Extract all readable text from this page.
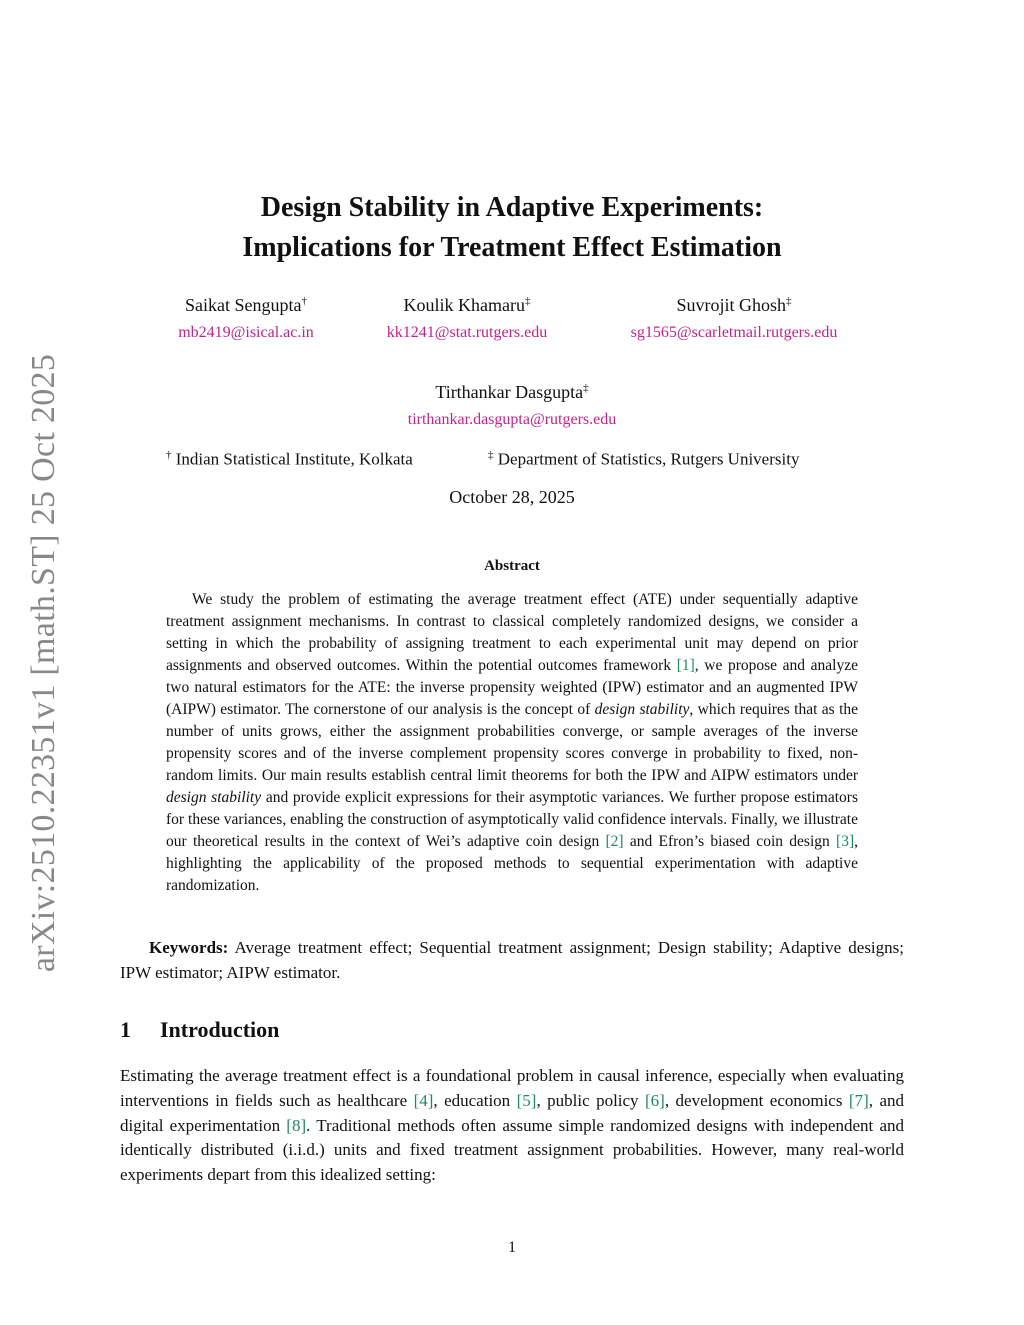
arXiv:2510.22351v1 [math.ST] 25 Oct 2025
Design Stability in Adaptive Experiments:
Implications for Treatment Effect Estimation
Saikat Sengupta†
mb2419@isical.ac.in
Koulik Khamaru‡
kk1241@stat.rutgers.edu
Suvrojit Ghosh‡
sg1565@scarletmail.rutgers.edu
Tirthankar Dasgupta‡
tirthankar.dasgupta@rutgers.edu
† Indian Statistical Institute, Kolkata	‡ Department of Statistics, Rutgers University
October 28, 2025
Abstract

We study the problem of estimating the average treatment effect (ATE) under sequentially adaptive treatment assignment mechanisms. In contrast to classical completely randomized designs, we consider a setting in which the probability of assigning treatment to each experimental unit may depend on prior assignments and observed outcomes. Within the potential outcomes framework [1], we propose and analyze two natural estimators for the ATE: the inverse propensity weighted (IPW) estimator and an augmented IPW (AIPW) estimator. The cornerstone of our analysis is the concept of design stability, which requires that as the number of units grows, either the assignment probabilities converge, or sample averages of the inverse propensity scores and of the inverse complement propensity scores converge in probability to fixed, non-random limits. Our main results establish central limit theorems for both the IPW and AIPW estimators under design stability and provide explicit expressions for their asymptotic variances. We further propose estimators for these variances, enabling the construction of asymptotically valid confidence intervals. Finally, we illustrate our theoretical results in the context of Wei’s adaptive coin design [2] and Efron’s biased coin design [3], highlighting the applicability of the proposed methods to sequential experimentation with adaptive randomization.

Keywords: Average treatment effect; Sequential treatment assignment; Design stability; Adaptive designs; IPW estimator; AIPW estimator.

1 Introduction

Estimating the average treatment effect is a foundational problem in causal inference, especially when evaluating interventions in fields such as healthcare [4], education [5], public policy [6], development economics [7], and digital experimentation [8]. Traditional methods often assume simple randomized designs with independent and identically distributed (i.i.d.) units and fixed treatment assignment probabilities. However, many real-world experiments depart from this idealized setting:

1
